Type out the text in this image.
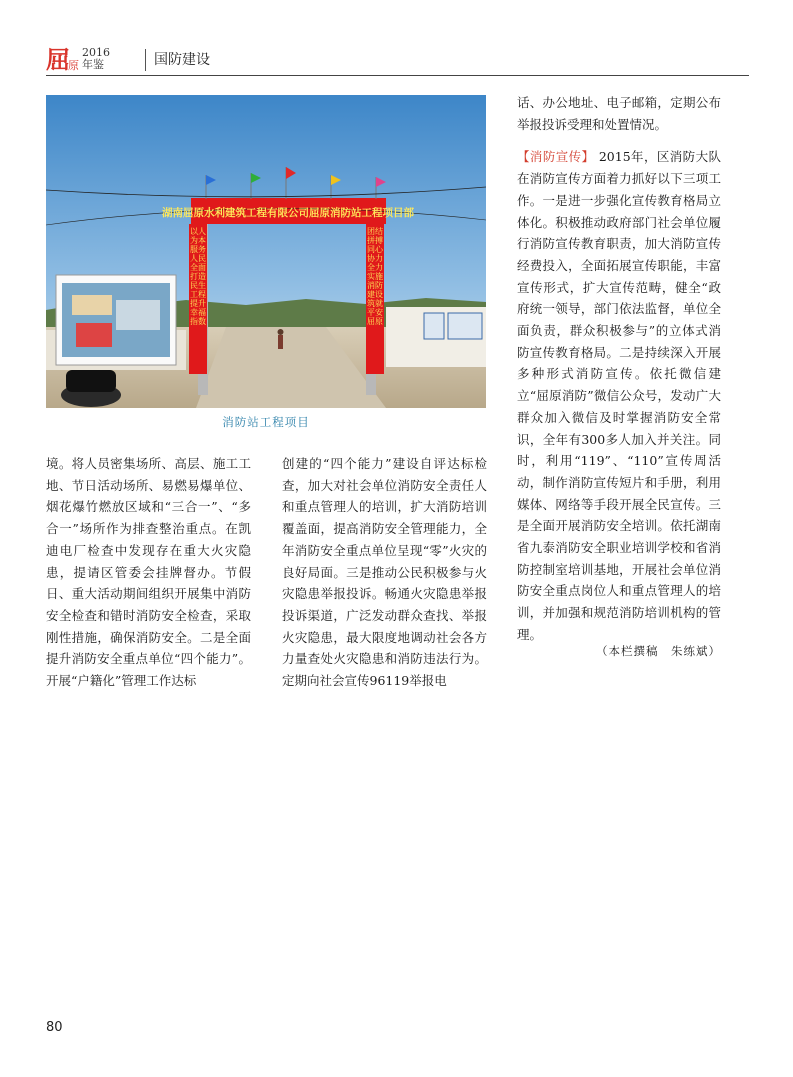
屈
原
2016
年鉴	国防建设
湖南屈原水利建筑工程有限公司屈原消防站工程项目部
以人为本 服务人民 全面打造民生工程 提升幸福指数
团结拼搏 同心协力 全力实施消防建设 筑就平安屈原
消防站工程项目

境。将人员密集场所、高层、施工工地、节日活动场所、易燃易爆单位、烟花爆竹燃放区域和“三合一”、“多合一”场所作为排查整治重点。在凯迪电厂检查中发现存在重大火灾隐患，提请区管委会挂牌督办。节假日、重大活动期间组织开展集中消防安全检查和错时消防安全检查，采取刚性措施，确保消防安全。二是全面提升消防安全重点单位“四个能力”。开展“户籍化”管理工作达标

创建的“四个能力”建设自评达标检查，加大对社会单位消防安全责任人和重点管理人的培训，扩大消防培训覆盖面，提高消防安全管理能力，全年消防安全重点单位呈现“零”火灾的良好局面。三是推动公民积极参与火灾隐患举报投诉。畅通火灾隐患举报投诉渠道，广泛发动群众查找、举报火灾隐患，最大限度地调动社会各方力量查处火灾隐患和消防违法行为。定期向社会宣传96119举报电

话、办公地址、电子邮箱，定期公布举报投诉受理和处置情况。

【消防宣传】 2015年，区消防大队在消防宣传方面着力抓好以下三项工作。一是进一步强化宣传教育格局立体化。积极推动政府部门社会单位履行消防宣传教育职责，加大消防宣传经费投入，全面拓展宣传职能，丰富宣传形式，扩大宣传范畴，健全“政府统一领导，部门依法监督，单位全面负责，群众积极参与”的立体式消防宣传教育格局。二是持续深入开展多种形式消防宣传。依托微信建立“屈原消防”微信公众号，发动广大群众加入微信及时掌握消防安全常识，全年有300多人加入并关注。同时，利用“119”、“110”宣传周活动，制作消防宣传短片和手册，利用媒体、网络等手段开展全民宣传。三是全面开展消防安全培训。依托湖南省九泰消防安全职业培训学校和省消防控制室培训基地，开展社会单位消防安全重点岗位人和重点管理人的培训，并加强和规范消防培训机构的管理。

（本栏撰稿　朱练斌）
80
